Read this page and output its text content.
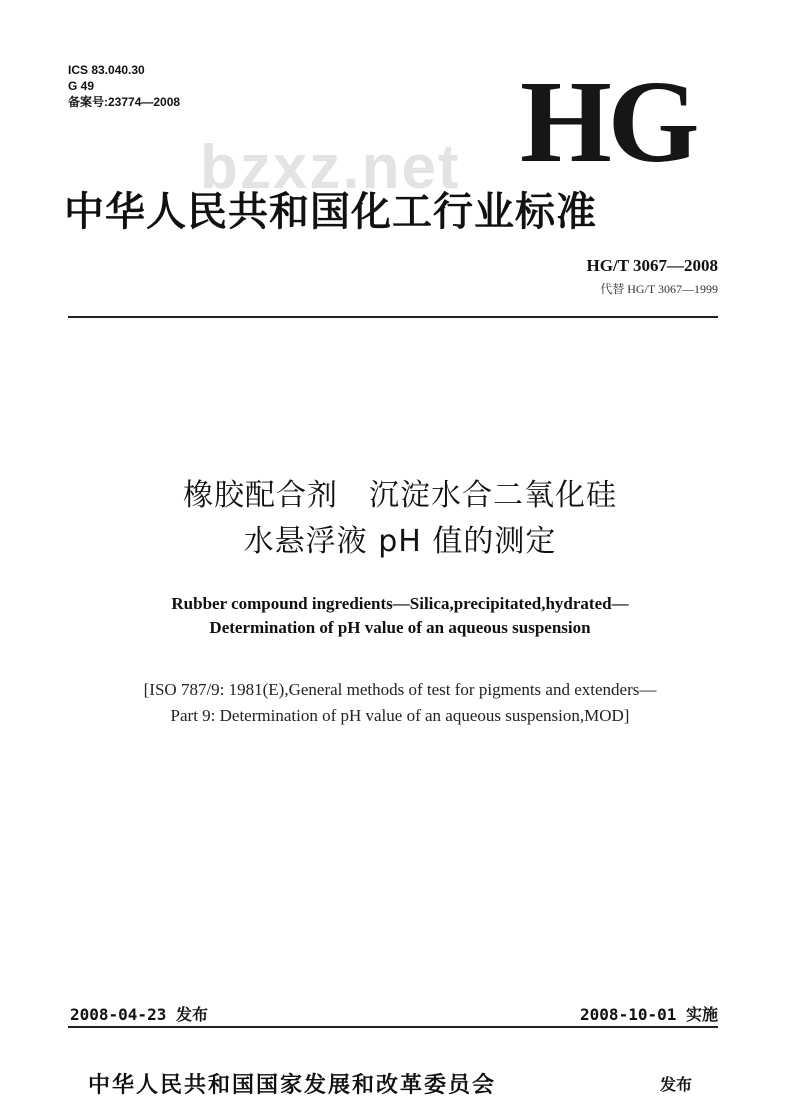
ICS 83.040.30
G 49
备案号:23774—2008	HG
bzxz.net
中华人民共和国化工行业标准
HG/T 3067—2008
代替 HG/T 3067—1999
橡胶配合剂　沉淀水合二氧化硅
水悬浮液 pH 值的测定
Rubber compound ingredients—Silica,precipitated,hydrated—
Determination of pH value of an aqueous suspension
[ISO 787/9: 1981(E),General methods of test for pigments and extenders—
Part 9: Determination of pH value of an aqueous suspension,MOD]
2008-04-23 发布	2008-10-01 实施
中华人民共和国国家发展和改革委员会	发布
